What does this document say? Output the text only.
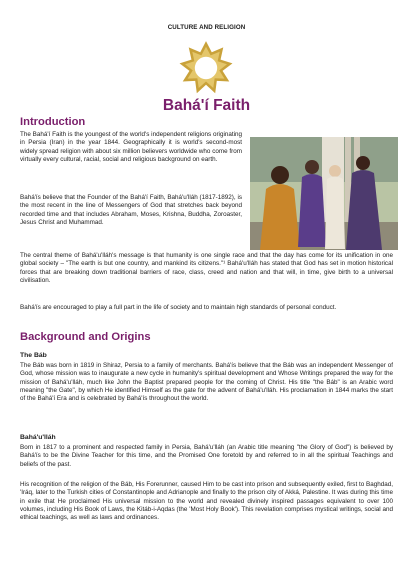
CULTURE AND RELIGION
Bahá'í Faith
Introduction

The Bahá'í Faith is the youngest of the world's independent religions originating in Persia (Iran) in the year 1844. Geographically it is world's second-most widely spread religion with about six million believers worldwide who come from virtually every cultural, racial, social and religious background on earth.

Bahá'ís believe that the Founder of the Bahá'í Faith, Bahá'u'lláh (1817-1892), is the most recent in the line of Messengers of God that stretches back beyond recorded time and that includes Abraham, Moses, Krishna, Buddha, Zoroaster, Jesus Christ and Muhammad.

The central theme of Bahá'u'lláh's message is that humanity is one single race and that the day has come for its unification in one global society – "The earth is but one country, and mankind its citizens."¹ Bahá'u'lláh has stated that God has set in motion historical forces that are breaking down traditional barriers of race, class, creed and nation and that will, in time, give birth to a universal civilisation.

Bahá'ís are encouraged to play a full part in the life of society and to maintain high standards of personal conduct.

Background and Origins
The Báb

The Báb was born in 1819 in Shiraz, Persia to a family of merchants. Bahá'ís believe that the Báb was an independent Messenger of God, whose mission was to inaugurate a new cycle in humanity's spiritual development and Whose Writings prepared the way for the mission of Bahá'u'lláh, much like John the Baptist prepared people for the coming of Christ. His title "the Báb" is an Arabic word meaning "the Gate", by which He identified Himself as the gate for the advent of Bahá'u'lláh. His proclamation in 1844 marks the start of the Bahá'í Era and is celebrated by Bahá'ís throughout the world.

Bahá'u'lláh

Born in 1817 to a prominent and respected family in Persia, Bahá'u'lláh (an Arabic title meaning "the Glory of God") is believed by Bahá'ís to be the Divine Teacher for this time, and the Promised One foretold by and referred to in all the spiritual Teachings and beliefs of the past.

His recognition of the religion of the Báb, His Forerunner, caused Him to be cast into prison and subsequently exiled, first to Baghdad, 'Iráq, later to the Turkish cities of Constantinople and Adrianople and finally to the prison city of Akká, Palestine. It was during this time in exile that He proclaimed His universal mission to the world and revealed divinely inspired passages equivalent to over 100 volumes, including His Book of Laws, the Kitáb-i-Aqdas (the 'Most Holy Book'). This revelation comprises mystical writings, social and ethical teachings, as well as laws and ordinances.
